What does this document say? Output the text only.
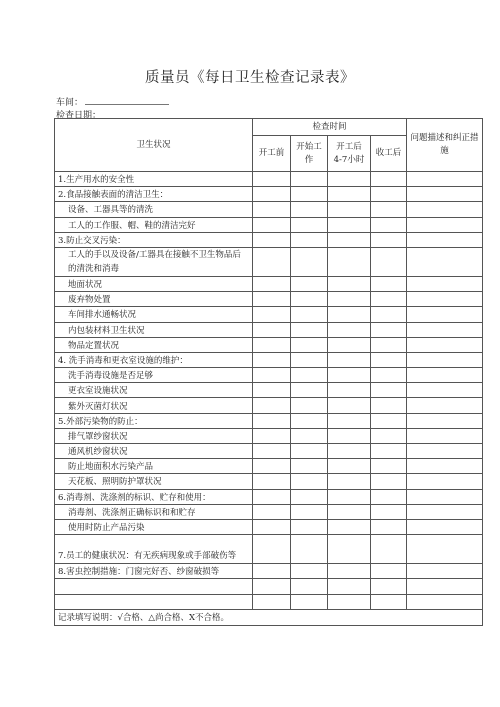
质量员《每日卫生检查记录表》
车间：
检查日期：
卫生状况	检查时间				问题描述和纠正措施
	开工前	开始工作	开工后 4-7小时	收工后	
1.生产用水的安全性					
2.食品接触表面的清洁卫生：					
设备、工器具等的清洗					
工人的工作服、帽、鞋的清洁完好					
3.防止交叉污染：					
工人的手以及设备/工器具在接触不卫生物品后的清洗和消毒					
地面状况					
废弃物处置					
车间排水通畅状况					
内包装材料卫生状况					
物品定置状况					
4. 洗手消毒和更衣室设施的维护：					
洗手消毒设施是否足够					
更衣室设施状况					
紫外灭菌灯状况					
5.外部污染物的防止：					
排气罩纱窗状况					
通风机纱窗状况					
防止地面积水污染产品					
天花板、照明防护罩状况					
6.消毒剂、洗涤剂的标识、贮存和使用：					
消毒剂、洗涤剂正确标识和和贮存					
使用时防止产品污染					
7.员工的健康状况：有无疾病现象或手部破伤等					
8.害虫控制措施：门窗完好否、纱窗破损等					

记录填写说明：√合格、△尚合格、X不合格。					
